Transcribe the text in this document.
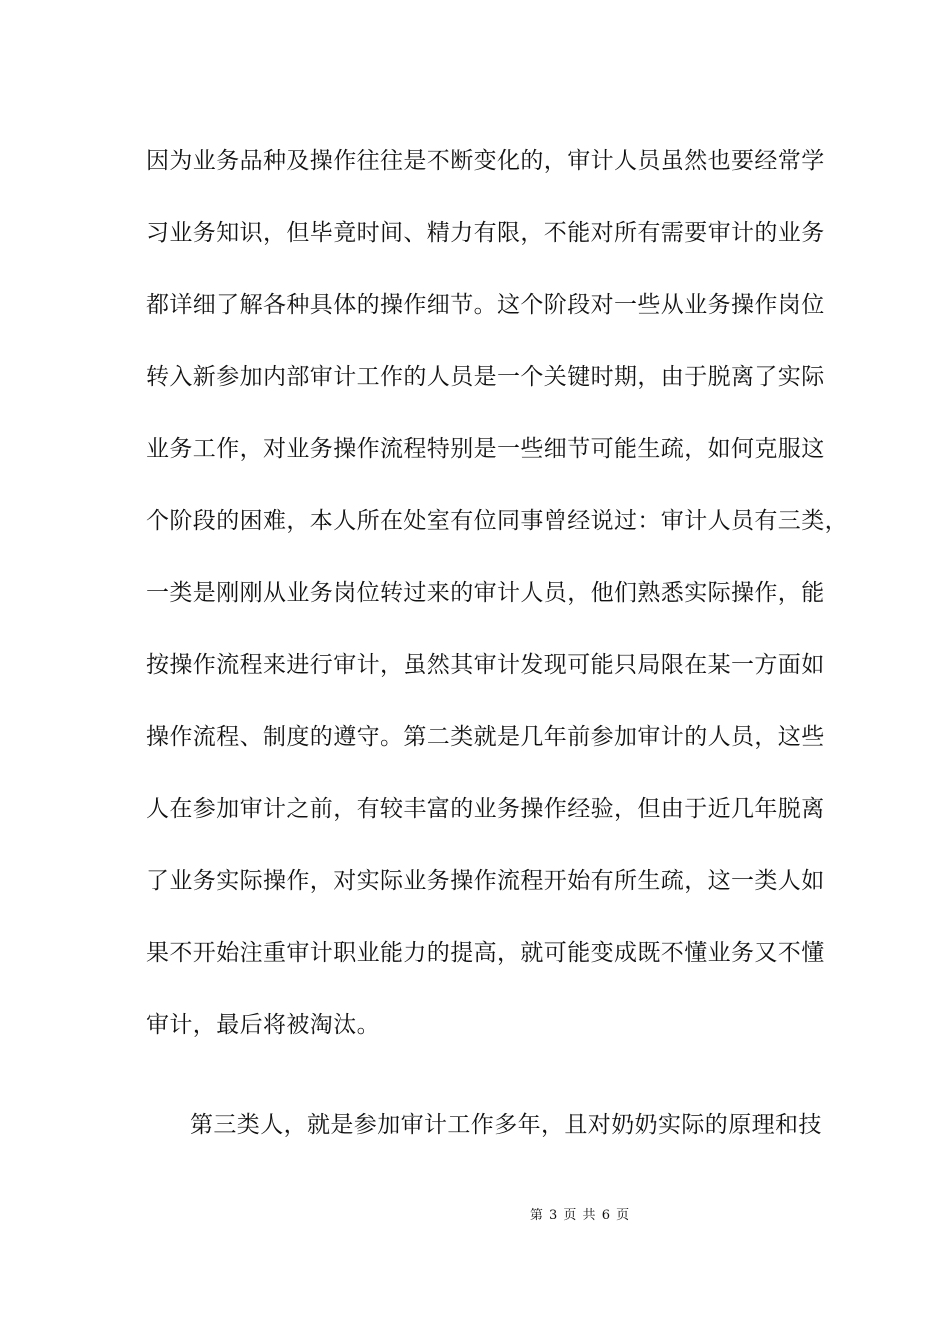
因为业务品种及操作往往是不断变化的，审计人员虽然也要经常学
习业务知识，但毕竟时间、精力有限，不能对所有需要审计的业务
都详细了解各种具体的操作细节。这个阶段对一些从业务操作岗位
转入新参加内部审计工作的人员是一个关键时期，由于脱离了实际
业务工作，对业务操作流程特别是一些细节可能生疏，如何克服这
个阶段的困难，本人所在处室有位同事曾经说过：审计人员有三类，
一类是刚刚从业务岗位转过来的审计人员，他们熟悉实际操作，能
按操作流程来进行审计，虽然其审计发现可能只局限在某一方面如
操作流程、制度的遵守。第二类就是几年前参加审计的人员，这些
人在参加审计之前，有较丰富的业务操作经验，但由于近几年脱离
了业务实际操作，对实际业务操作流程开始有所生疏，这一类人如
果不开始注重审计职业能力的提高，就可能变成既不懂业务又不懂
审计，最后将被淘汰。
第三类人，就是参加审计工作多年，且对奶奶实际的原理和技
第 3 页 共 6 页
